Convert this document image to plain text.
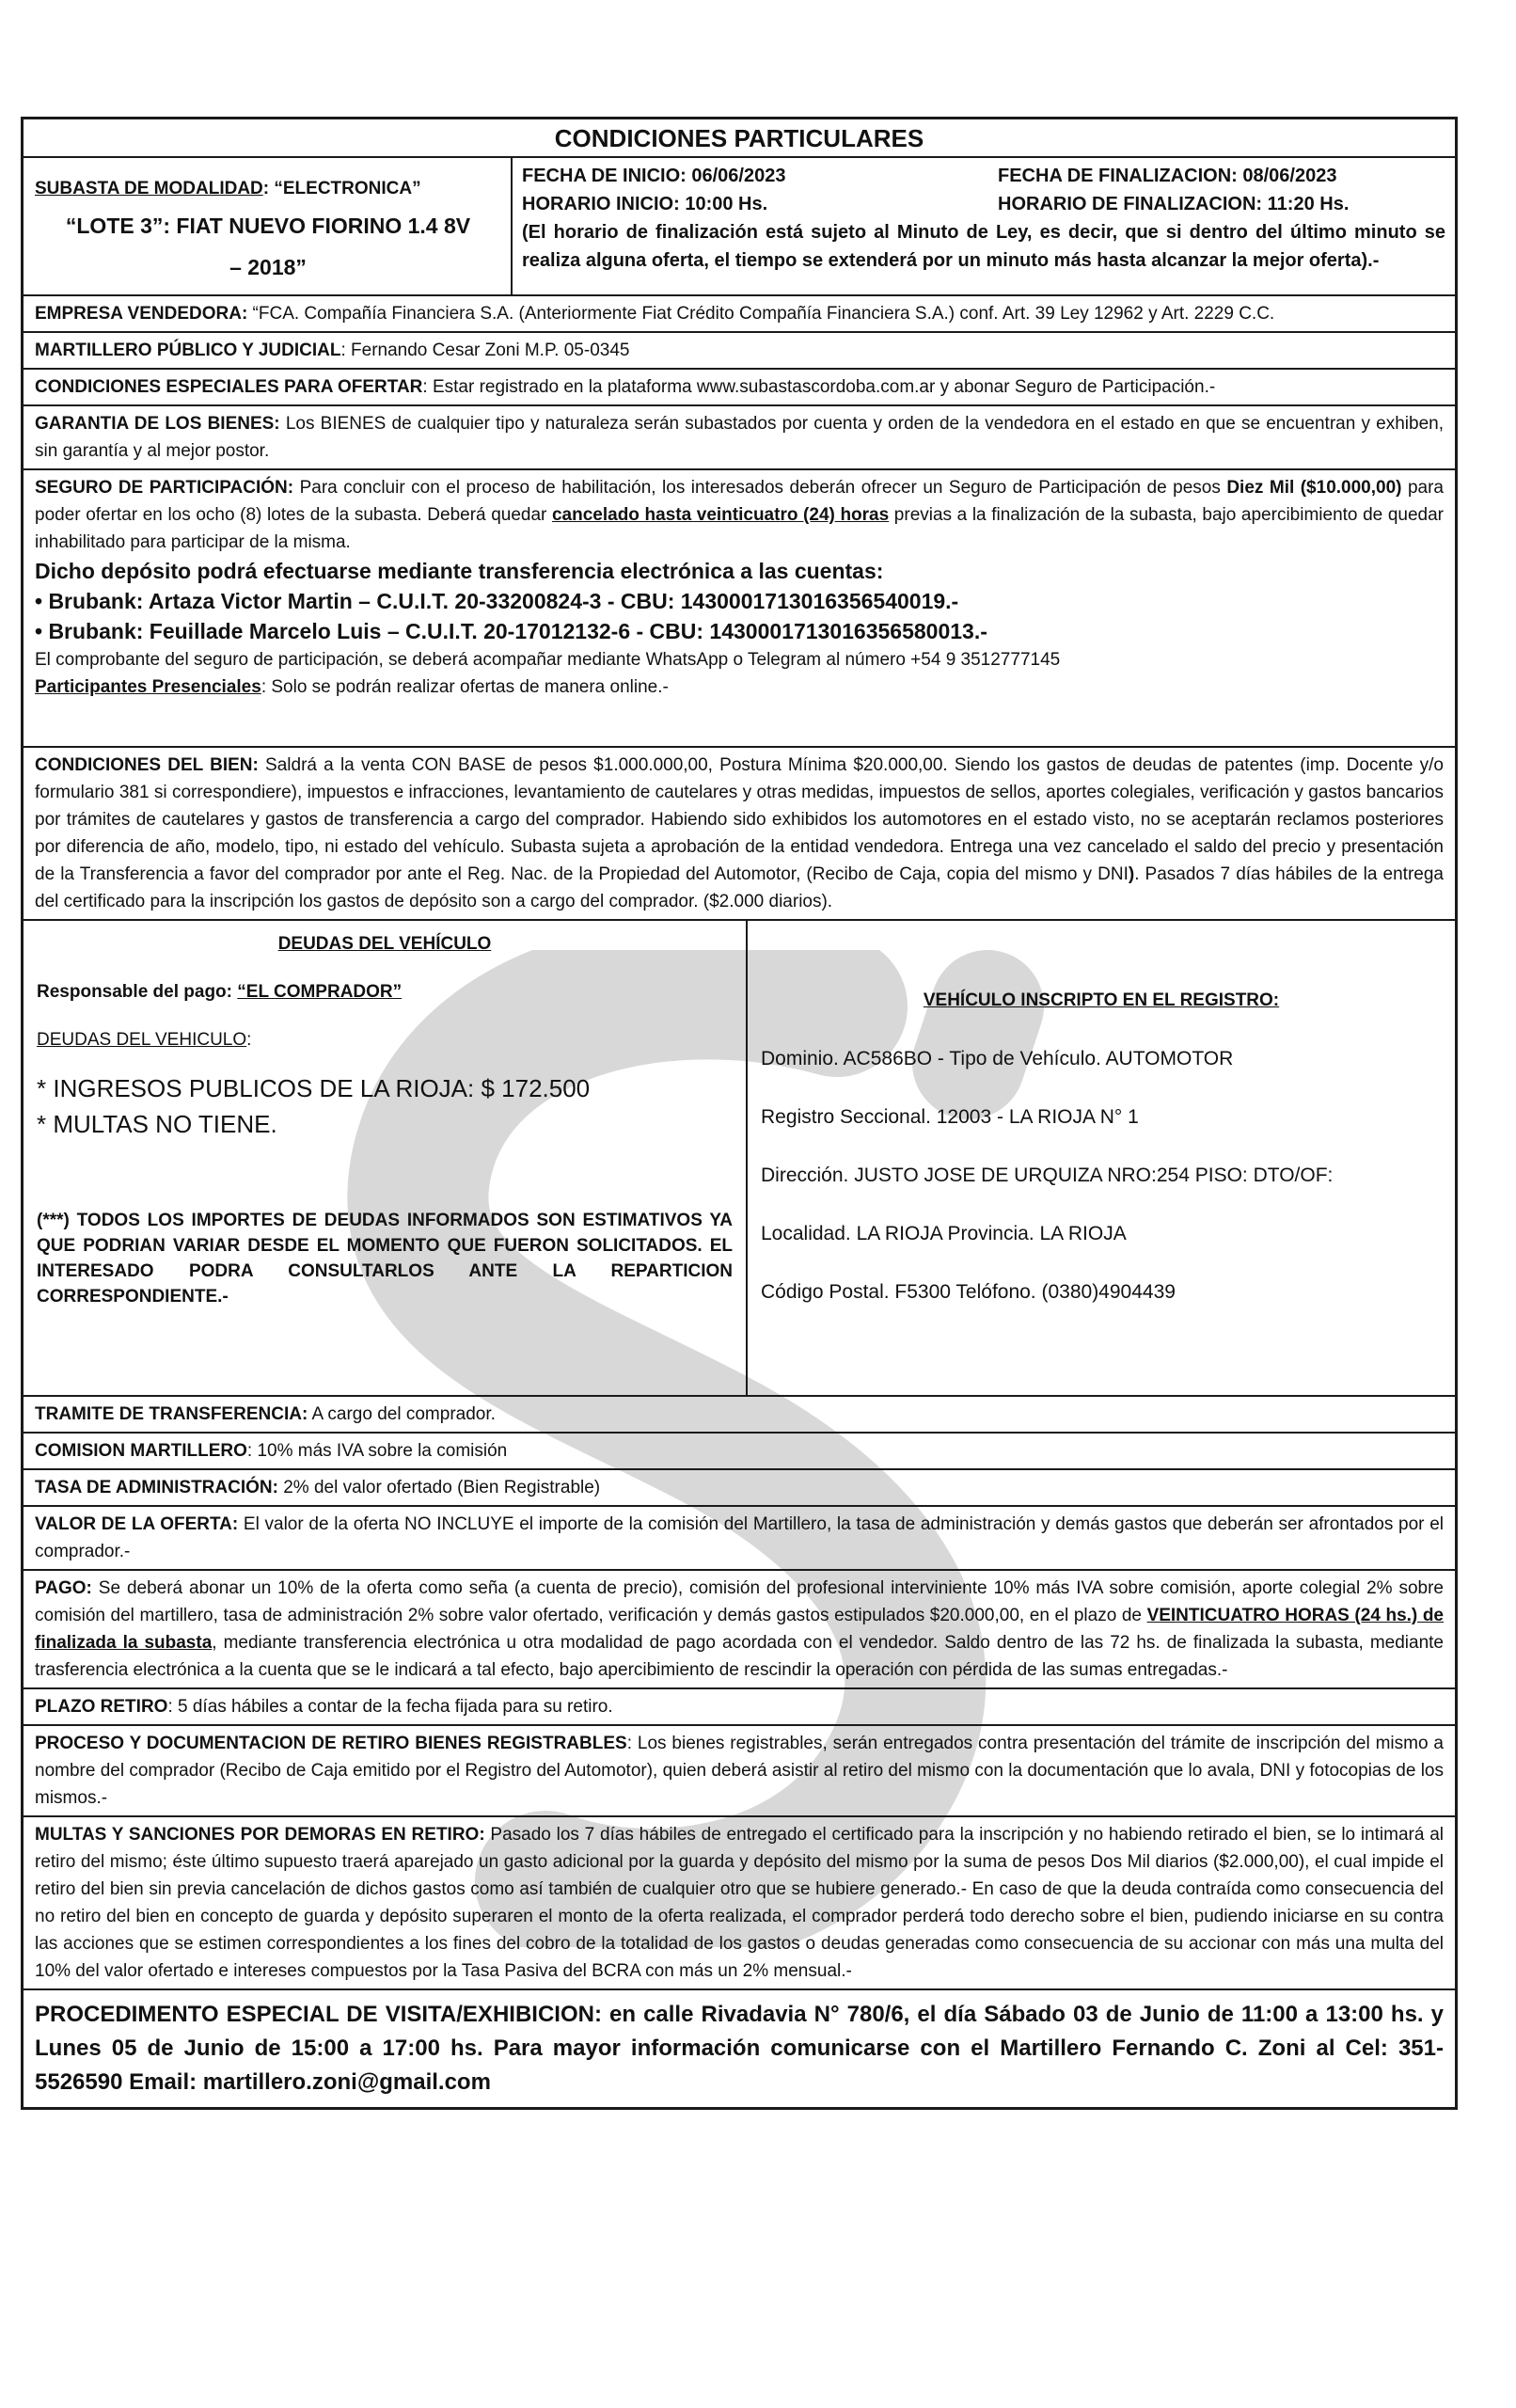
CONDICIONES PARTICULARES
SUBASTA DE MODALIDAD: “ELECTRONICA”
“LOTE 3”: FIAT NUEVO FIORINO 1.4 8V
– 2018”
FECHA DE INICIO: 06/06/2023	FECHA DE FINALIZACION: 08/06/2023
HORARIO INICIO: 10:00 Hs.	HORARIO DE FINALIZACION: 11:20 Hs.
(El horario de finalización está sujeto al Minuto de Ley, es decir, que si dentro del último minuto se realiza alguna oferta, el tiempo se extenderá por un minuto más hasta alcanzar la mejor oferta).-
EMPRESA VENDEDORA: “FCA. Compañía Financiera S.A. (Anteriormente Fiat Crédito Compañía Financiera S.A.) conf. Art. 39 Ley 12962 y Art. 2229 C.C.
MARTILLERO PÚBLICO Y JUDICIAL: Fernando Cesar Zoni M.P. 05-0345
CONDICIONES ESPECIALES PARA OFERTAR: Estar registrado en la plataforma www.subastascordoba.com.ar y abonar Seguro de Participación.-
GARANTIA DE LOS BIENES: Los BIENES de cualquier tipo y naturaleza serán subastados por cuenta y orden de la vendedora en el estado en que se encuentran y exhiben, sin garantía y al mejor postor.

SEGURO DE PARTICIPACIÓN: Para concluir con el proceso de habilitación, los interesados deberán ofrecer un Seguro de Participación de pesos Diez Mil ($10.000,00) para poder ofertar en los ocho (8) lotes de la subasta. Deberá quedar cancelado hasta veinticuatro (24) horas previas a la finalización de la subasta, bajo apercibimiento de quedar inhabilitado para participar de la misma.

Dicho depósito podrá efectuarse mediante transferencia electrónica a las cuentas:

• Brubank: Artaza Victor Martin – C.U.I.T. 20-33200824-3 - CBU: 1430001713016356540019.-

• Brubank: Feuillade Marcelo Luis – C.U.I.T. 20-17012132-6 - CBU: 1430001713016356580013.-

El comprobante del seguro de participación, se deberá acompañar mediante WhatsApp o Telegram al número +54 9 3512777145

Participantes Presenciales: Solo se podrán realizar ofertas de manera online.-

CONDICIONES DEL BIEN: Saldrá a la venta CON BASE de pesos $1.000.000,00, Postura Mínima $20.000,00. Siendo los gastos de deudas de patentes (imp. Docente y/o formulario 381 si correspondiere), impuestos e infracciones, levantamiento de cautelares y otras medidas, impuestos de sellos, aportes colegiales, verificación y gastos bancarios por trámites de cautelares y gastos de transferencia a cargo del comprador. Habiendo sido exhibidos los automotores en el estado visto, no se aceptarán reclamos posteriores por diferencia de año, modelo, tipo, ni estado del vehículo. Subasta sujeta a aprobación de la entidad vendedora. Entrega una vez cancelado el saldo del precio y presentación de la Transferencia a favor del comprador por ante el Reg. Nac. de la Propiedad del Automotor, (Recibo de Caja, copia del mismo y DNI). Pasados 7 días hábiles de la entrega del certificado para la inscripción los gastos de depósito son a cargo del comprador. ($2.000 diarios).

DEUDAS DEL VEHÍCULO

Responsable del pago: “EL COMPRADOR”

DEUDAS DEL VEHICULO:

* INGRESOS PUBLICOS DE LA RIOJA: $ 172.500

* MULTAS NO TIENE.

(***) TODOS LOS IMPORTES DE DEUDAS INFORMADOS SON ESTIMATIVOS YA QUE PODRIAN VARIAR DESDE EL MOMENTO QUE FUERON SOLICITADOS. EL INTERESADO PODRA CONSULTARLOS ANTE LA REPARTICION CORRESPONDIENTE.-

VEHÍCULO INSCRIPTO EN EL REGISTRO:

Dominio. AC586BO - Tipo de Vehículo. AUTOMOTOR

Registro Seccional. 12003 - LA RIOJA N° 1

Dirección. JUSTO JOSE DE URQUIZA NRO:254 PISO: DTO/OF:

Localidad. LA RIOJA Provincia. LA RIOJA

Código Postal. F5300 Telófono. (0380)4904439

TRAMITE DE TRANSFERENCIA: A cargo del comprador.
COMISION MARTILLERO: 10% más IVA sobre la comisión
TASA DE ADMINISTRACIÓN: 2% del valor ofertado (Bien Registrable)
VALOR DE LA OFERTA: El valor de la oferta NO INCLUYE el importe de la comisión del Martillero, la tasa de administración y demás gastos que deberán ser afrontados por el comprador.-
PAGO: Se deberá abonar un 10% de la oferta como seña (a cuenta de precio), comisión del profesional interviniente 10% más IVA sobre comisión, aporte colegial 2% sobre comisión del martillero, tasa de administración 2% sobre valor ofertado, verificación y demás gastos estipulados $20.000,00, en el plazo de VEINTICUATRO HORAS (24 hs.) de finalizada la subasta, mediante transferencia electrónica u otra modalidad de pago acordada con el vendedor. Saldo dentro de las 72 hs. de finalizada la subasta, mediante trasferencia electrónica a la cuenta que se le indicará a tal efecto, bajo apercibimiento de rescindir la operación con pérdida de las sumas entregadas.-
PLAZO RETIRO: 5 días hábiles a contar de la fecha fijada para su retiro.
PROCESO Y DOCUMENTACION DE RETIRO BIENES REGISTRABLES: Los bienes registrables, serán entregados contra presentación del trámite de inscripción del mismo a nombre del comprador (Recibo de Caja emitido por el Registro del Automotor), quien deberá asistir al retiro del mismo con la documentación que lo avala, DNI y fotocopias de los mismos.-
MULTAS Y SANCIONES POR DEMORAS EN RETIRO: Pasado los 7 días hábiles de entregado el certificado para la inscripción y no habiendo retirado el bien, se lo intimará al retiro del mismo; éste último supuesto traerá aparejado un gasto adicional por la guarda y depósito del mismo por la suma de pesos Dos Mil diarios ($2.000,00), el cual impide el retiro del bien sin previa cancelación de dichos gastos como así también de cualquier otro que se hubiere generado.- En caso de que la deuda contraída como consecuencia del no retiro del bien en concepto de guarda y depósito superaren el monto de la oferta realizada, el comprador perderá todo derecho sobre el bien, pudiendo iniciarse en su contra las acciones que se estimen correspondientes a los fines del cobro de la totalidad de los gastos o deudas generadas como consecuencia de su accionar con más una multa del 10% del valor ofertado e intereses compuestos por la Tasa Pasiva del BCRA con más un 2% mensual.-
PROCEDIMENTO ESPECIAL DE VISITA/EXHIBICION: en calle Rivadavia N° 780/6, el día Sábado 03 de Junio de 11:00 a 13:00 hs. y Lunes 05 de Junio de 15:00 a 17:00 hs. Para mayor información comunicarse con el Martillero Fernando C. Zoni al Cel: 351-5526590 Email: martillero.zoni@gmail.com
